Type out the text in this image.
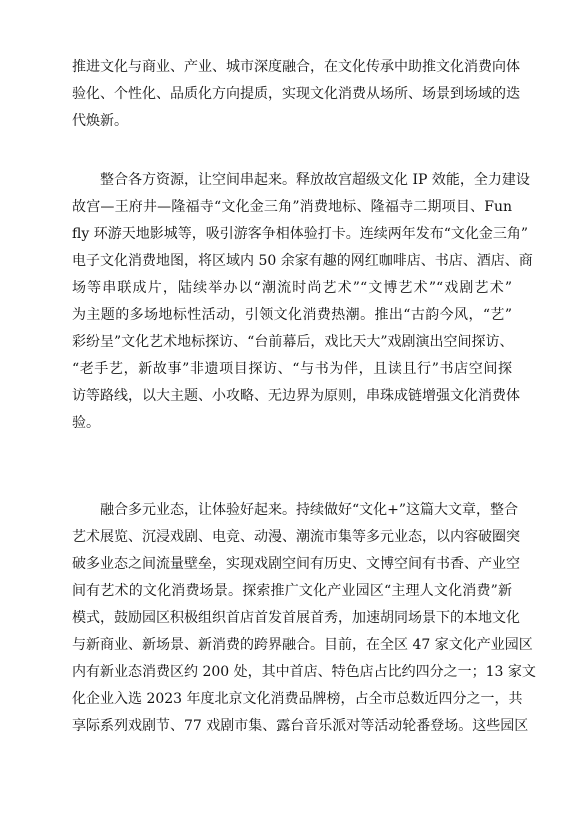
推进文化与商业、产业、城市深度融合，在文化传承中助推文化消费向体
验化、个性化、品质化方向提质，实现文化消费从场所、场景到场域的迭
代焕新。
整合各方资源，让空间串起来。释放故宫超级文化 IP 效能，全力建设
故宫—王府井—隆福寺“文化金三角”消费地标、隆福寺二期项目、Fun
fly 环游天地影城等，吸引游客争相体验打卡。连续两年发布“文化金三角”
电子文化消费地图，将区域内 50 余家有趣的网红咖啡店、书店、酒店、商
场等串联成片，陆续举办以“潮流时尚艺术”“文博艺术”“戏剧艺术”
为主题的多场地标性活动，引领文化消费热潮。推出“古韵今风，“艺”
彩纷呈”文化艺术地标探访、“台前幕后，戏比天大”戏剧演出空间探访、
“老手艺，新故事”非遗项目探访、“与书为伴，且读且行”书店空间探
访等路线，以大主题、小攻略、无边界为原则，串珠成链增强文化消费体
验。
融合多元业态，让体验好起来。持续做好“文化+”这篇大文章，整合
艺术展览、沉浸戏剧、电竞、动漫、潮流市集等多元业态，以内容破圈突
破多业态之间流量壁垒，实现戏剧空间有历史、文博空间有书香、产业空
间有艺术的文化消费场景。探索推广文化产业园区“主理人文化消费”新
模式，鼓励园区积极组织首店首发首展首秀，加速胡同场景下的本地文化
与新商业、新场景、新消费的跨界融合。目前，在全区 47 家文化产业园区
内有新业态消费区约 200 处，其中首店、特色店占比约四分之一；13 家文
化企业入选 2023 年度北京文化消费品牌榜，占全市总数近四分之一，共
享际系列戏剧节、77 戏剧市集、露台音乐派对等活动轮番登场。这些园区
